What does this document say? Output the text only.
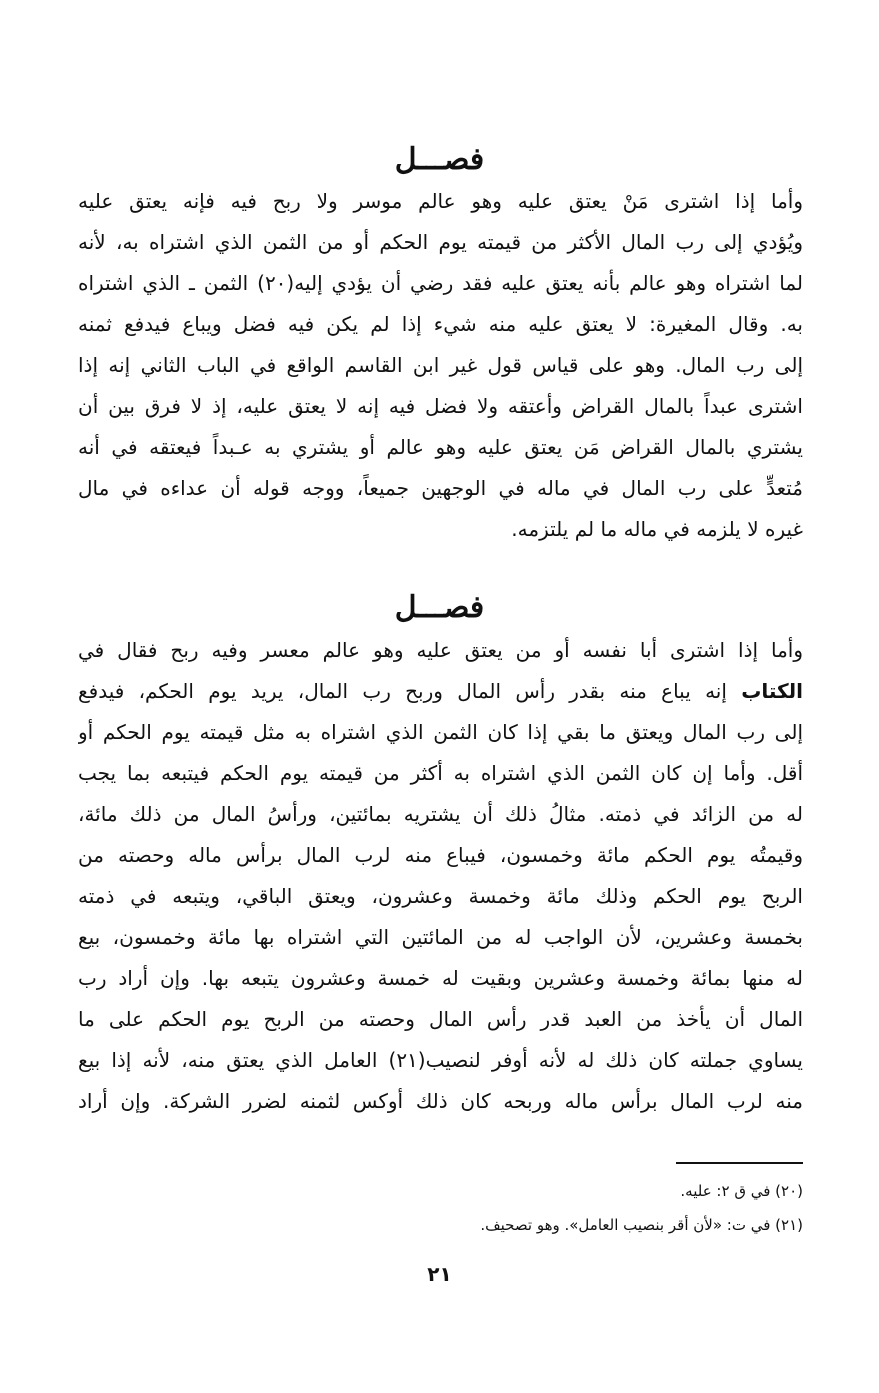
فصـــل
وأما إذا اشترى مَنْ يعتق عليه وهو عالم موسر ولا ربح فيه فإنه يعتق عليه
ويُؤدي إلى رب المال الأكثر من قيمته يوم الحكم أو من الثمن الذي اشتراه به، لأنه
لما اشتراه وهو عالم بأنه يعتق عليه فقد رضي أن يؤدي إليه(٢٠) الثمن ـ الذي اشتراه
به. وقال المغيرة: لا يعتق عليه منه شيء إذا لم يكن فيه فضل ويباع فيدفع ثمنه
إلى رب المال. وهو على قياس قول غير ابن القاسم الواقع في الباب الثاني إنه إذا
اشترى عبداً بالمال القراض وأعتقه ولا فضل فيه إنه لا يعتق عليه، إذ لا فرق بين أن
يشتري بالمال القراض مَن يعتق عليه وهو عالم أو يشتري به عـبداً فيعتقه في أنه
مُتعدٍّ على رب المال في ماله في الوجهين جميعاً، ووجه قوله أن عداءه في مال
غيره لا يلزمه في ماله ما لم يلتزمه.
فصـــل
وأما إذا اشترى أبا نفسه أو من يعتق عليه وهو عالم معسر وفيه ربح فقال في
الكتاب إنه يباع منه بقدر رأس المال وربح رب المال، يريد يوم الحكم، فيدفع
إلى رب المال ويعتق ما بقي إذا كان الثمن الذي اشتراه به مثل قيمته يوم الحكم أو
أقل. وأما إن كان الثمن الذي اشتراه به أكثر من قيمته يوم الحكم فيتبعه بما يجب
له من الزائد في ذمته. مثالُ ذلك أن يشتريه بمائتين، ورأسُ المال من ذلك مائة،
وقيمتُه يوم الحكم مائة وخمسون، فيباع منه لرب المال برأس ماله وحصته من
الربح يوم الحكم وذلك مائة وخمسة وعشرون، ويعتق الباقي، ويتبعه في ذمته
بخمسة وعشرين، لأن الواجب له من المائتين التي اشتراه بها مائة وخمسون، بيع
له منها بمائة وخمسة وعشرين وبقيت له خمسة وعشرون يتبعه بها. وإن أراد رب
المال أن يأخذ من العبد قدر رأس المال وحصته من الربح يوم الحكم على ما
يساوي جملته كان ذلك له لأنه أوفر لنصيب(٢١) العامل الذي يعتق منه، لأنه إذا بيع
منه لرب المال برأس ماله وربحه كان ذلك أوكس لثمنه لضرر الشركة. وإن أراد
(٢٠) في ق ٢: عليه.
(٢١) في ت: «لأن أقر بنصيب العامل». وهو تصحيف.
٢١
